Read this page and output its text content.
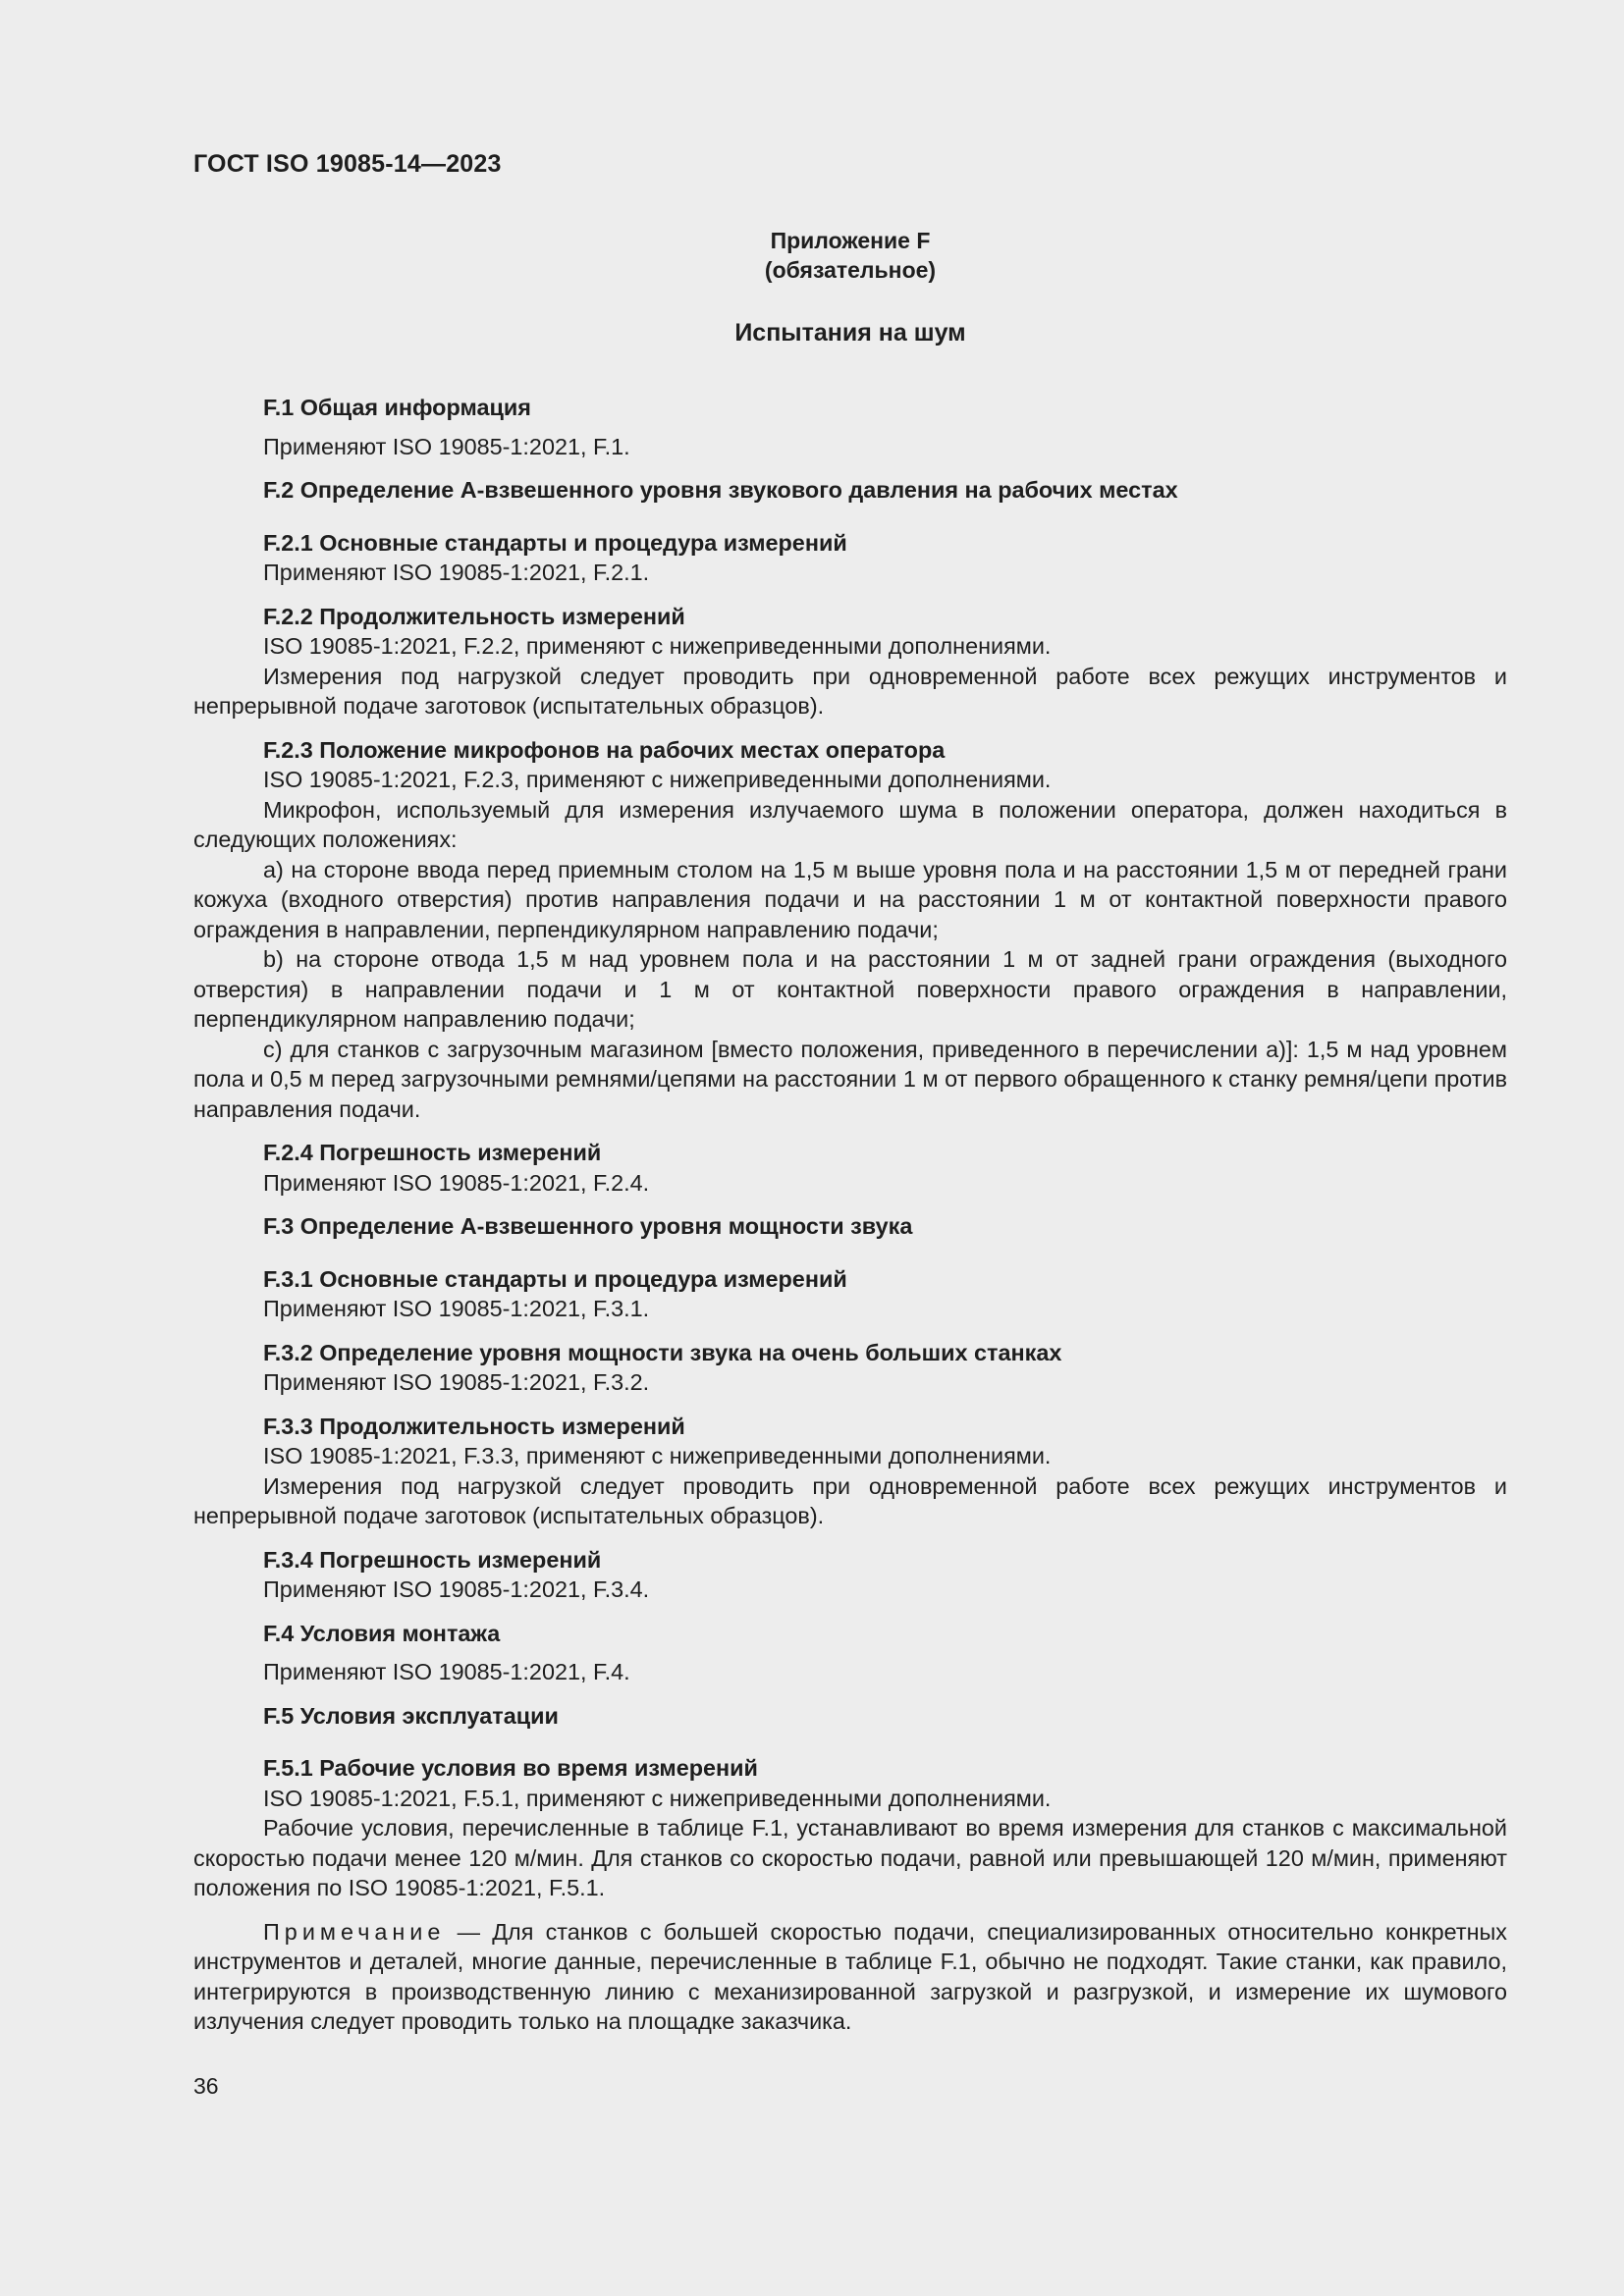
ГОСТ ISO 19085-14—2023
Приложение F
(обязательное)
Испытания на шум

F.1 Общая информация

Применяют ISO 19085-1:2021, F.1.

F.2 Определение А-взвешенного уровня звукового давления на рабочих местах

F.2.1 Основные стандарты и процедура измерений

Применяют ISO 19085-1:2021, F.2.1.

F.2.2 Продолжительность измерений

ISO 19085-1:2021, F.2.2, применяют с нижеприведенными дополнениями.

Измерения под нагрузкой следует проводить при одновременной работе всех режущих инструментов и непрерывной подаче заготовок (испытательных образцов).

F.2.3 Положение микрофонов на рабочих местах оператора

ISO 19085-1:2021, F.2.3, применяют с нижеприведенными дополнениями.

Микрофон, используемый для измерения излучаемого шума в положении оператора, должен находиться в следующих положениях:

a) на стороне ввода перед приемным столом на 1,5 м выше уровня пола и на расстоянии 1,5 м от передней грани кожуха (входного отверстия) против направления подачи и на расстоянии 1 м от контактной поверхности правого ограждения в направлении, перпендикулярном направлению подачи;

b) на стороне отвода 1,5 м над уровнем пола и на расстоянии 1 м от задней грани ограждения (выходного отверстия) в направлении подачи и 1 м от контактной поверхности правого ограждения в направлении, перпендикулярном направлению подачи;

c) для станков с загрузочным магазином [вместо положения, приведенного в перечислении a)]: 1,5 м над уровнем пола и 0,5 м перед загрузочными ремнями/цепями на расстоянии 1 м от первого обращенного к станку ремня/цепи против направления подачи.

F.2.4 Погрешность измерений

Применяют ISO 19085-1:2021, F.2.4.

F.3 Определение А-взвешенного уровня мощности звука

F.3.1 Основные стандарты и процедура измерений

Применяют ISO 19085-1:2021, F.3.1.

F.3.2 Определение уровня мощности звука на очень больших станках

Применяют ISO 19085-1:2021, F.3.2.

F.3.3 Продолжительность измерений

ISO 19085-1:2021, F.3.3, применяют с нижеприведенными дополнениями.

Измерения под нагрузкой следует проводить при одновременной работе всех режущих инструментов и непрерывной подаче заготовок (испытательных образцов).

F.3.4 Погрешность измерений

Применяют ISO 19085-1:2021, F.3.4.

F.4 Условия монтажа

Применяют ISO 19085-1:2021, F.4.

F.5 Условия эксплуатации

F.5.1 Рабочие условия во время измерений

ISO 19085-1:2021, F.5.1, применяют с нижеприведенными дополнениями.

Рабочие условия, перечисленные в таблице F.1, устанавливают во время измерения для станков с максимальной скоростью подачи менее 120 м/мин. Для станков со скоростью подачи, равной или превышающей 120 м/мин, применяют положения по ISO 19085-1:2021, F.5.1.

Примечание — Для станков с большей скоростью подачи, специализированных относительно конкретных инструментов и деталей, многие данные, перечисленные в таблице F.1, обычно не подходят. Такие станки, как правило, интегрируются в производственную линию с механизированной загрузкой и разгрузкой, и измерение их шумового излучения следует проводить только на площадке заказчика.

36
